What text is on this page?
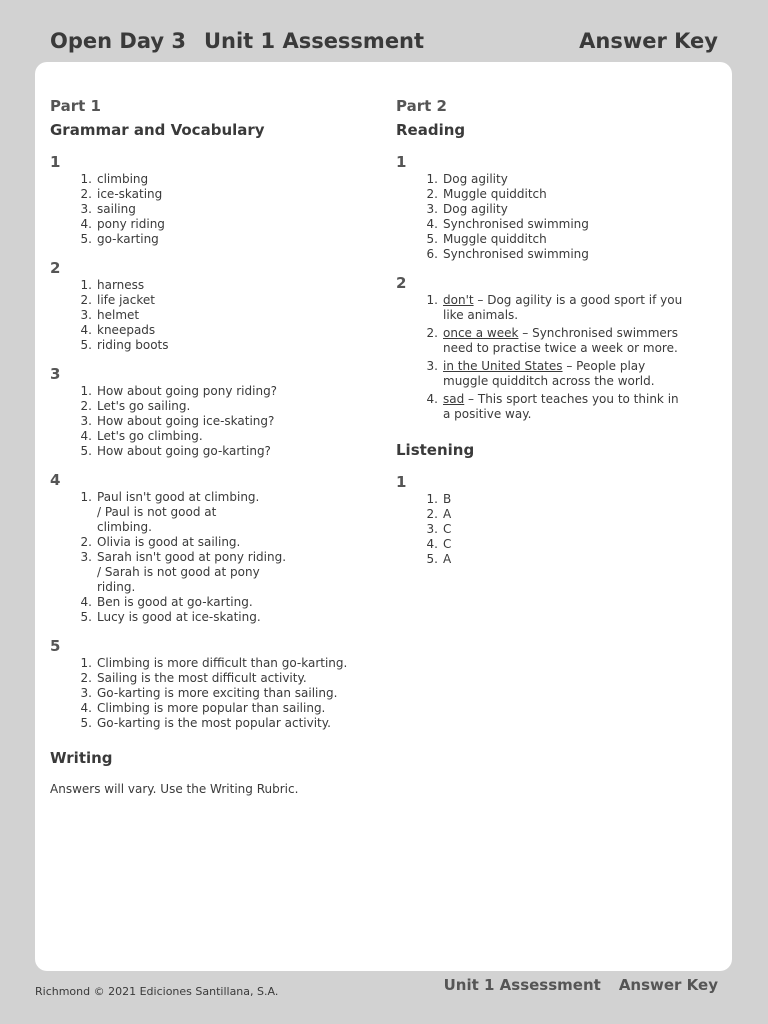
Open Day 3 Unit 1 Assessment	Answer Key

Part 1

Grammar and Vocabulary

1

1. climbing
2. ice-skating
3. sailing
4. pony riding
5. go-karting

2

1. harness
2. life jacket
3. helmet
4. kneepads
5. riding boots

3

1. How about going pony riding?
2. Let's go sailing.
3. How about going ice-skating?
4. Let's go climbing.
5. How about going go-karting?

4

1. Paul isn't good at climbing. / Paul is not good at climbing.
2. Olivia is good at sailing.
3. Sarah isn't good at pony riding. / Sarah is not good at pony riding.
4. Ben is good at go-karting.
5. Lucy is good at ice-skating.

5

1. Climbing is more difficult than go-karting.
2. Sailing is the most difficult activity.
3. Go-karting is more exciting than sailing.
4. Climbing is more popular than sailing.
5. Go-karting is the most popular activity.

Writing

Answers will vary. Use the Writing Rubric.

Part 2

Reading

1

1. Dog agility
2. Muggle quidditch
3. Dog agility
4. Synchronised swimming
5. Muggle quidditch
6. Synchronised swimming

2

1. don't – Dog agility is a good sport if you like animals.
2. once a week – Synchronised swimmers need to practise twice a week or more.
3. in the United States – People play muggle quidditch across the world.
4. sad – This sport teaches you to think in a positive way.

Listening

1

1. B
2. A
3. C
4. C
5. A
Richmond © 2021 Ediciones Santillana, S.A.	Unit 1 Assessment Answer Key
